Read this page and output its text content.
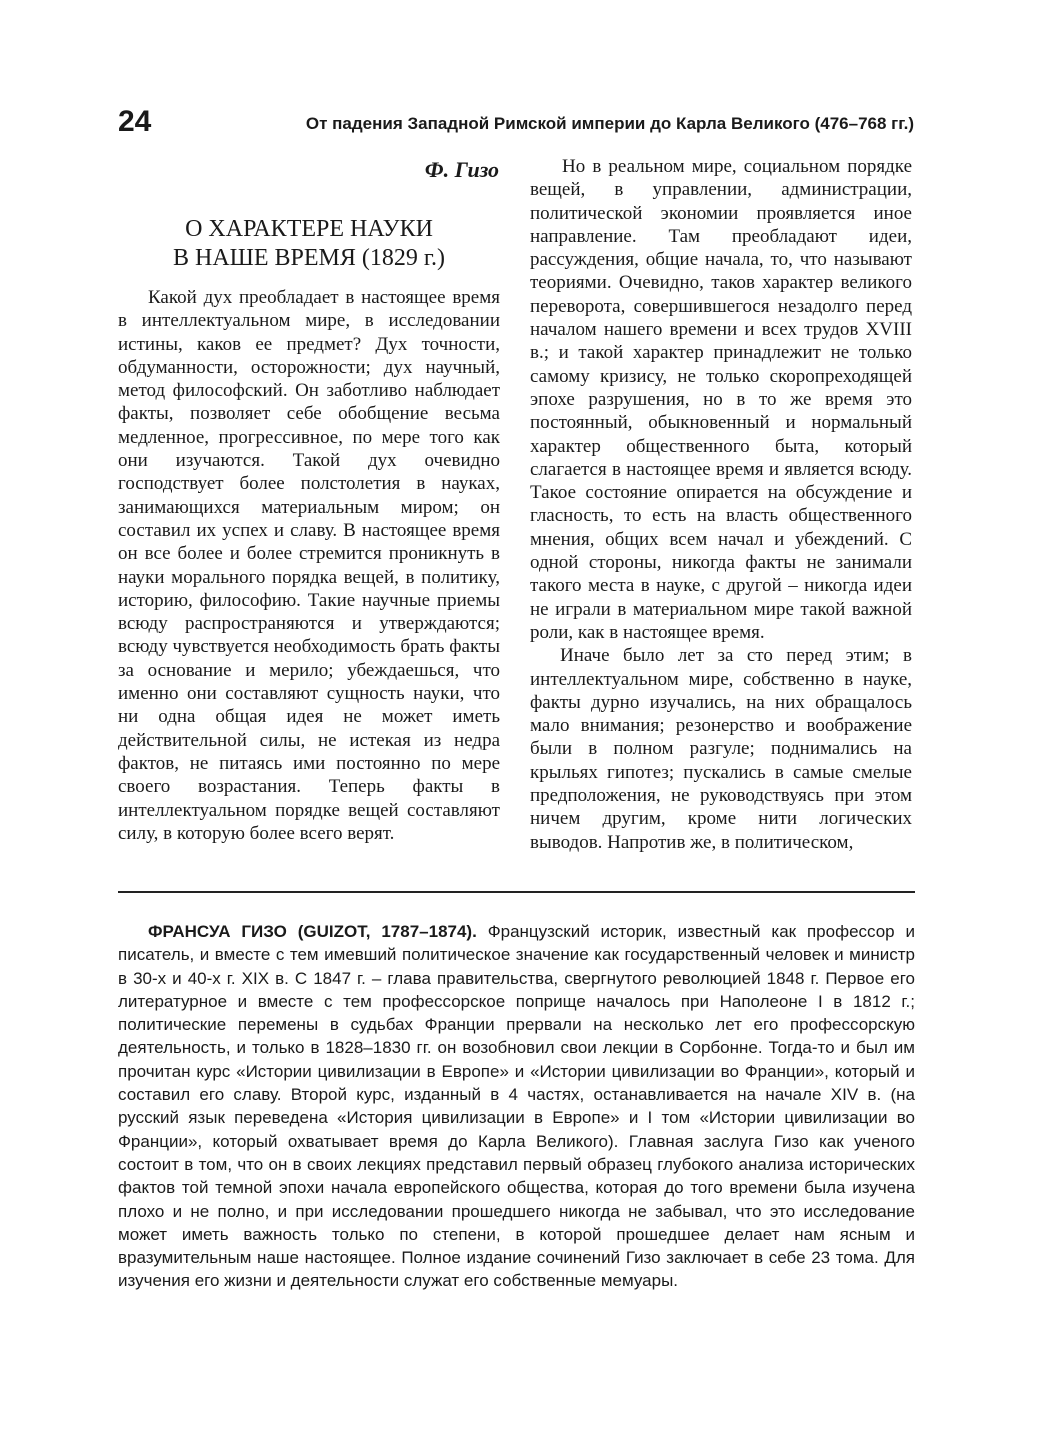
24	От падения Западной Римской империи до Карла Великого (476–768 гг.)
Ф. Гизо
О ХАРАКТЕРЕ НАУКИ
В НАШЕ ВРЕМЯ (1829 г.)

Какой дух преобладает в настоящее время в интеллектуальном мире, в исследовании истины, каков ее предмет? Дух точности, обдуманности, осторожности; дух научный, метод философский. Он заботливо наблюдает факты, позволяет себе обобщение весьма медленное, прогрессивное, по мере того как они изучаются. Такой дух очевидно господствует более полстолетия в науках, занимающихся материальным миром; он составил их успех и славу. В настоящее время он все более и более стремится проникнуть в науки морального порядка вещей, в политику, историю, философию. Такие научные приемы всюду распространяются и утверждаются; всюду чувствуется необходимость брать факты за основание и мерило; убеждаешься, что именно они составляют сущность науки, что ни одна общая идея не может иметь действительной силы, не истекая из недра фактов, не питаясь ими постоянно по мере своего возрастания. Теперь факты в интеллектуальном порядке вещей составляют силу, в которую более всего верят.

Но в реальном мире, социальном порядке вещей, в управлении, администрации, политической экономии проявляется иное направление. Там преобладают идеи, рассуждения, общие начала, то, что называют теориями. Очевидно, таков характер великого переворота, совершившегося незадолго перед началом нашего времени и всех трудов XVIII в.; и такой характер принадлежит не только самому кризису, не только скоропреходящей эпохе разрушения, но в то же время это постоянный, обыкновенный и нормальный характер общественного быта, который слагается в настоящее время и является всюду. Такое состояние опирается на обсуждение и гласность, то есть на власть общественного мнения, общих всем начал и убеждений. С одной стороны, никогда факты не занимали такого места в науке, с другой – никогда идеи не играли в материальном мире такой важной роли, как в настоящее время.

Иначе было лет за сто перед этим; в интеллектуальном мире, собственно в науке, факты дурно изучались, на них обращалось мало внимания; резонерство и воображение были в полном разгуле; поднимались на крыльях гипотез; пускались в самые смелые предположения, не руководствуясь при этом ничем другим, кроме нити логических выводов. Напротив же, в политическом,

ФРАНСУА ГИЗО (GUIZOT, 1787–1874). Французский историк, известный как профессор и писатель, и вместе с тем имевший политическое значение как государственный человек и министр в 30-х и 40-х г. XIX в. С 1847 г. – глава правительства, свергнутого революцией 1848 г. Первое его литературное и вместе с тем профессорское поприще началось при Наполеоне I в 1812 г.; политические перемены в судьбах Франции прервали на несколько лет его профессорскую деятельность, и только в 1828–1830 гг. он возобновил свои лекции в Сорбонне. Тогда-то и был им прочитан курс «Истории цивилизации в Европе» и «Истории цивилизации во Франции», который и составил его славу. Второй курс, изданный в 4 частях, останавливается на начале XIV в. (на русский язык переведена «История цивилизации в Европе» и I том «Истории цивилизации во Франции», который охватывает время до Карла Великого). Главная заслуга Гизо как ученого состоит в том, что он в своих лекциях представил первый образец глубокого анализа исторических фактов той темной эпохи начала европейского общества, которая до того времени была изучена плохо и не полно, и при исследовании прошедшего никогда не забывал, что это исследование может иметь важность только по степени, в которой прошедшее делает нам ясным и вразумительным наше настоящее. Полное издание сочинений Гизо заключает в себе 23 тома. Для изучения его жизни и деятельности служат его собственные мемуары.
